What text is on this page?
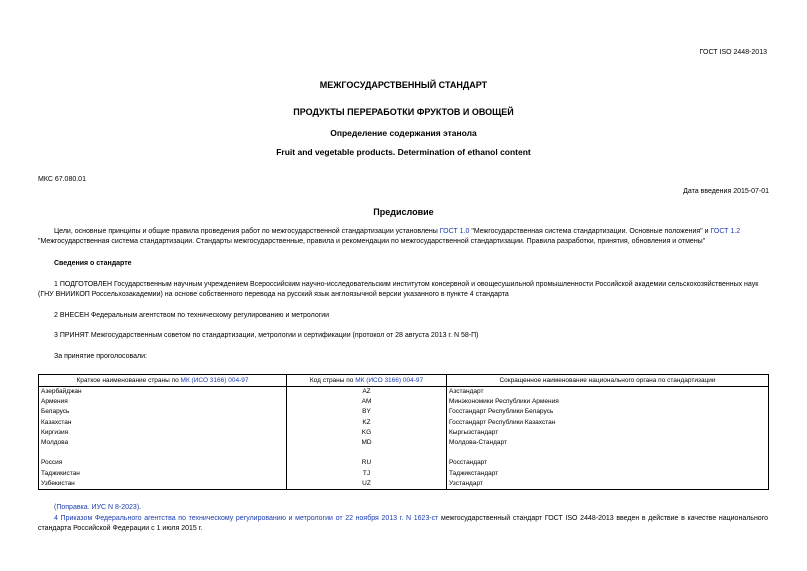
ГОСТ ISO 2448-2013
МЕЖГОСУДАРСТВЕННЫЙ СТАНДАРТ
ПРОДУКТЫ ПЕРЕРАБОТКИ ФРУКТОВ И ОВОЩЕЙ
Определение содержания этанола
Fruit and vegetable products. Determination of ethanol content
МКС 67.080.01
Дата введения 2015-07-01
Предисловие
Цели, основные принципы и общие правила проведения работ по межгосударственной стандартизации установлены ГОСТ 1.0 "Межгосударственная система стандартизации. Основные положения" и ГОСТ 1.2 "Межгосударственная система стандартизации. Стандарты межгосударственные, правила и рекомендации по межгосударственной стандартизации. Правила разработки, принятия, обновления и отмены"
Сведения о стандарте
1 ПОДГОТОВЛЕН Государственным научным учреждением Всероссийским научно-исследовательским институтом консервной и овощесушильной промышленности Российской академии сельскохозяйственных наук (ГНУ ВНИИКОП Россельхозакадемии) на основе собственного перевода на русский язык англоязычной версии указанного в пункте 4 стандарта
2 ВНЕСЕН Федеральным агентством по техническому регулированию и метрологии
3 ПРИНЯТ Межгосударственным советом по стандартизации, метрологии и сертификации (протокол от 28 августа 2013 г. N 58-П)
За принятие проголосовали:
Краткое наименование страны по МК (ИСО 3166) 004-97	Код страны по МК (ИСО 3166) 004-97	Сокращенное наименование национального органа по стандартизации
Азербайджан	AZ	Азстандарт
Армения	AM	Минэкономики Республики Армения
Беларусь	BY	Госстандарт Республики Беларусь
Казахстан	KZ	Госстандарт Республики Казахстан
Киргизия	KG	Кыргызстандарт
Молдова	MD	Молдова-Стандарт

Россия	RU	Росстандарт
Таджикистан	TJ	Таджикстандарт
Узбекистан	UZ	Узстандарт
(Поправка. ИУС N 8-2023).
4 Приказом Федерального агентства по техническому регулированию и метрологии от 22 ноября 2013 г. N 1623-ст межгосударственный стандарт ГОСТ ISO 2448-2013 введен в действие в качестве национального стандарта Российской Федерации с 1 июля 2015 г.
